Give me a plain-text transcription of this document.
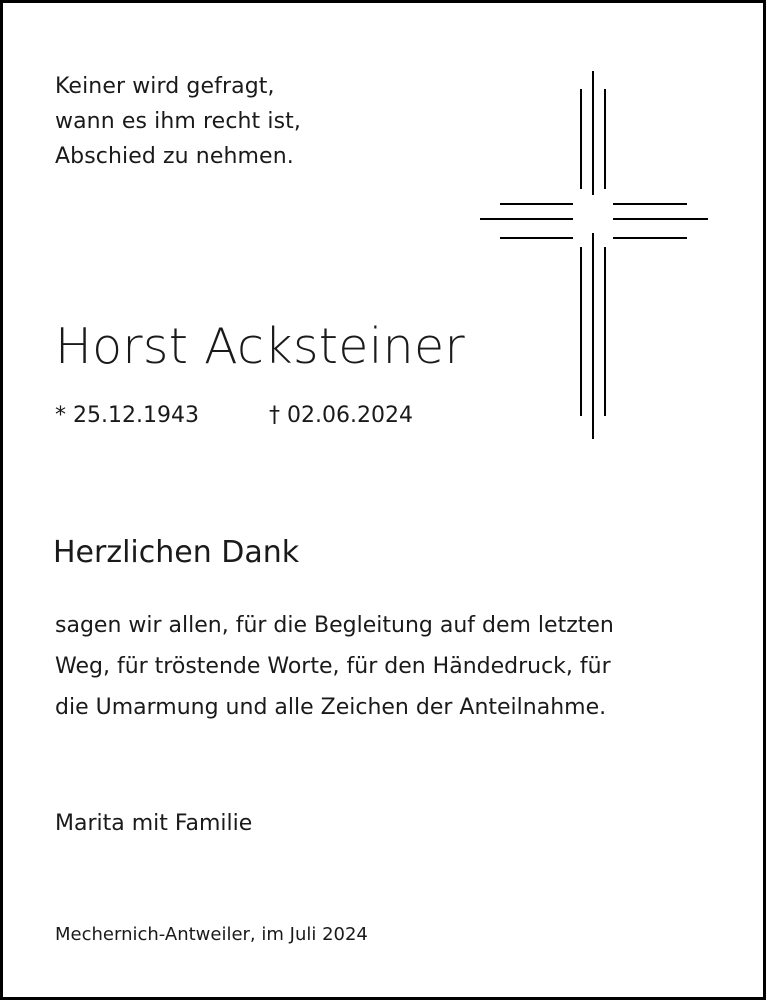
Keiner wird gefragt,
wann es ihm recht ist,
Abschied zu nehmen.
Horst Acksteiner
* 25.12.1943	† 02.06.2024
Herzlichen Dank
sagen wir allen, für die Begleitung auf dem letzten
Weg, für tröstende Worte, für den Händedruck, für
die Umarmung und alle Zeichen der Anteilnahme.
Marita mit Familie
Mechernich-Antweiler, im Juli 2024
